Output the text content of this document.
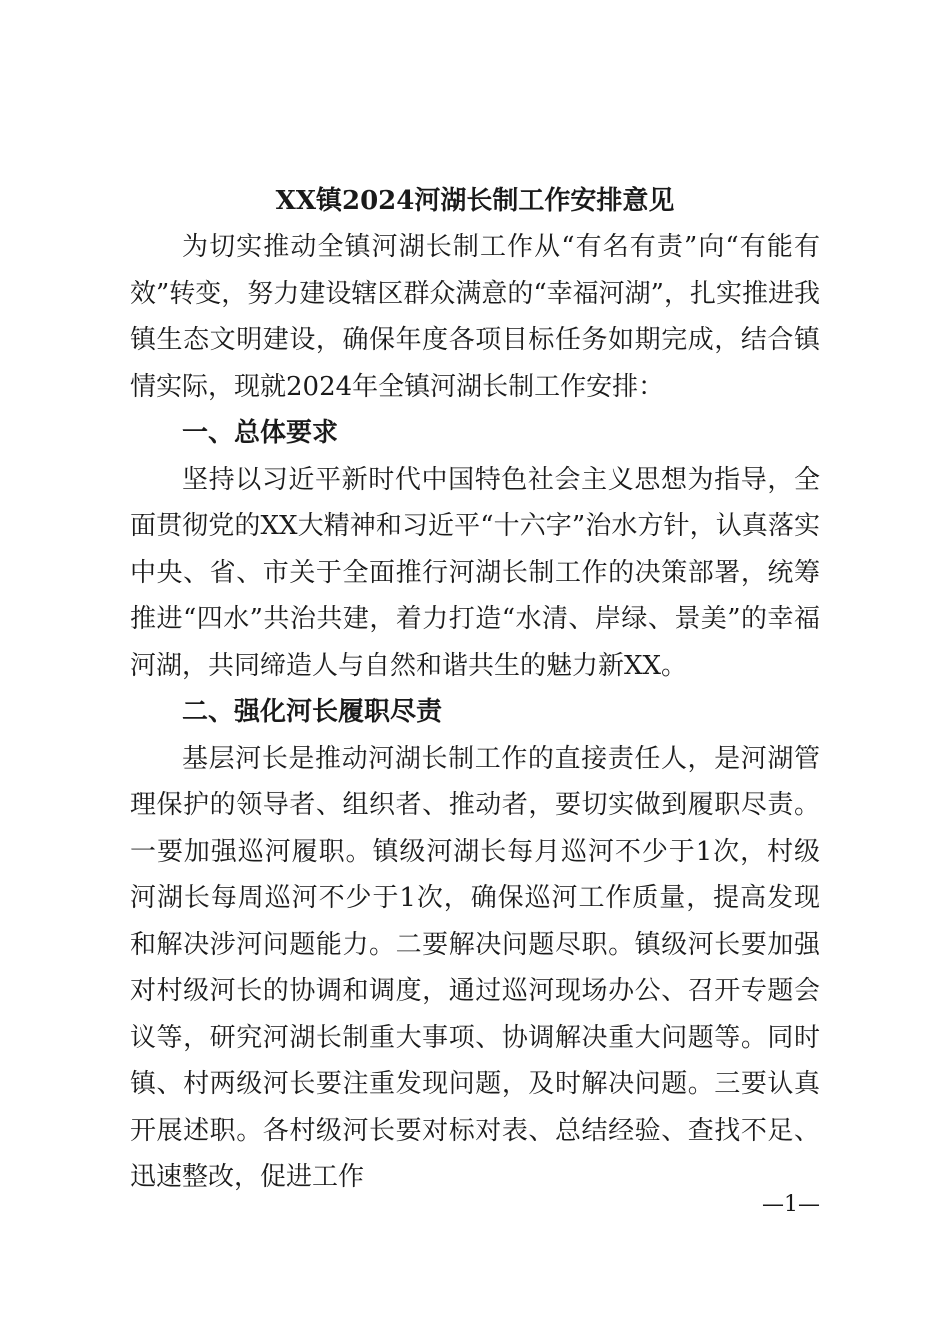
XX镇2024河湖长制工作安排意见

为切实推动全镇河湖长制工作从“有名有责”向“有能有效”转变，努力建设辖区群众满意的“幸福河湖”，扎实推进我镇生态文明建设，确保年度各项目标任务如期完成，结合镇情实际，现就2024年全镇河湖长制工作安排：

一、总体要求

坚持以习近平新时代中国特色社会主义思想为指导，全面贯彻党的XX大精神和习近平“十六字”治水方针，认真落实中央、省、市关于全面推行河湖长制工作的决策部署，统筹推进“四水”共治共建，着力打造“水清、岸绿、景美”的幸福河湖，共同缔造人与自然和谐共生的魅力新XX。

二、强化河长履职尽责

基层河长是推动河湖长制工作的直接责任人，是河湖管理保护的领导者、组织者、推动者，要切实做到履职尽责。一要加强巡河履职。镇级河湖长每月巡河不少于1次，村级河湖长每周巡河不少于1次，确保巡河工作质量，提高发现和解决涉河问题能力。二要解决问题尽职。镇级河长要加强对村级河长的协调和调度，通过巡河现场办公、召开专题会议等，研究河湖长制重大事项、协调解决重大问题等。同时镇、村两级河长要注重发现问题，及时解决问题。三要认真开展述职。各村级河长要对标对表、总结经验、查找不足、迅速整改，促进工作

—1—
